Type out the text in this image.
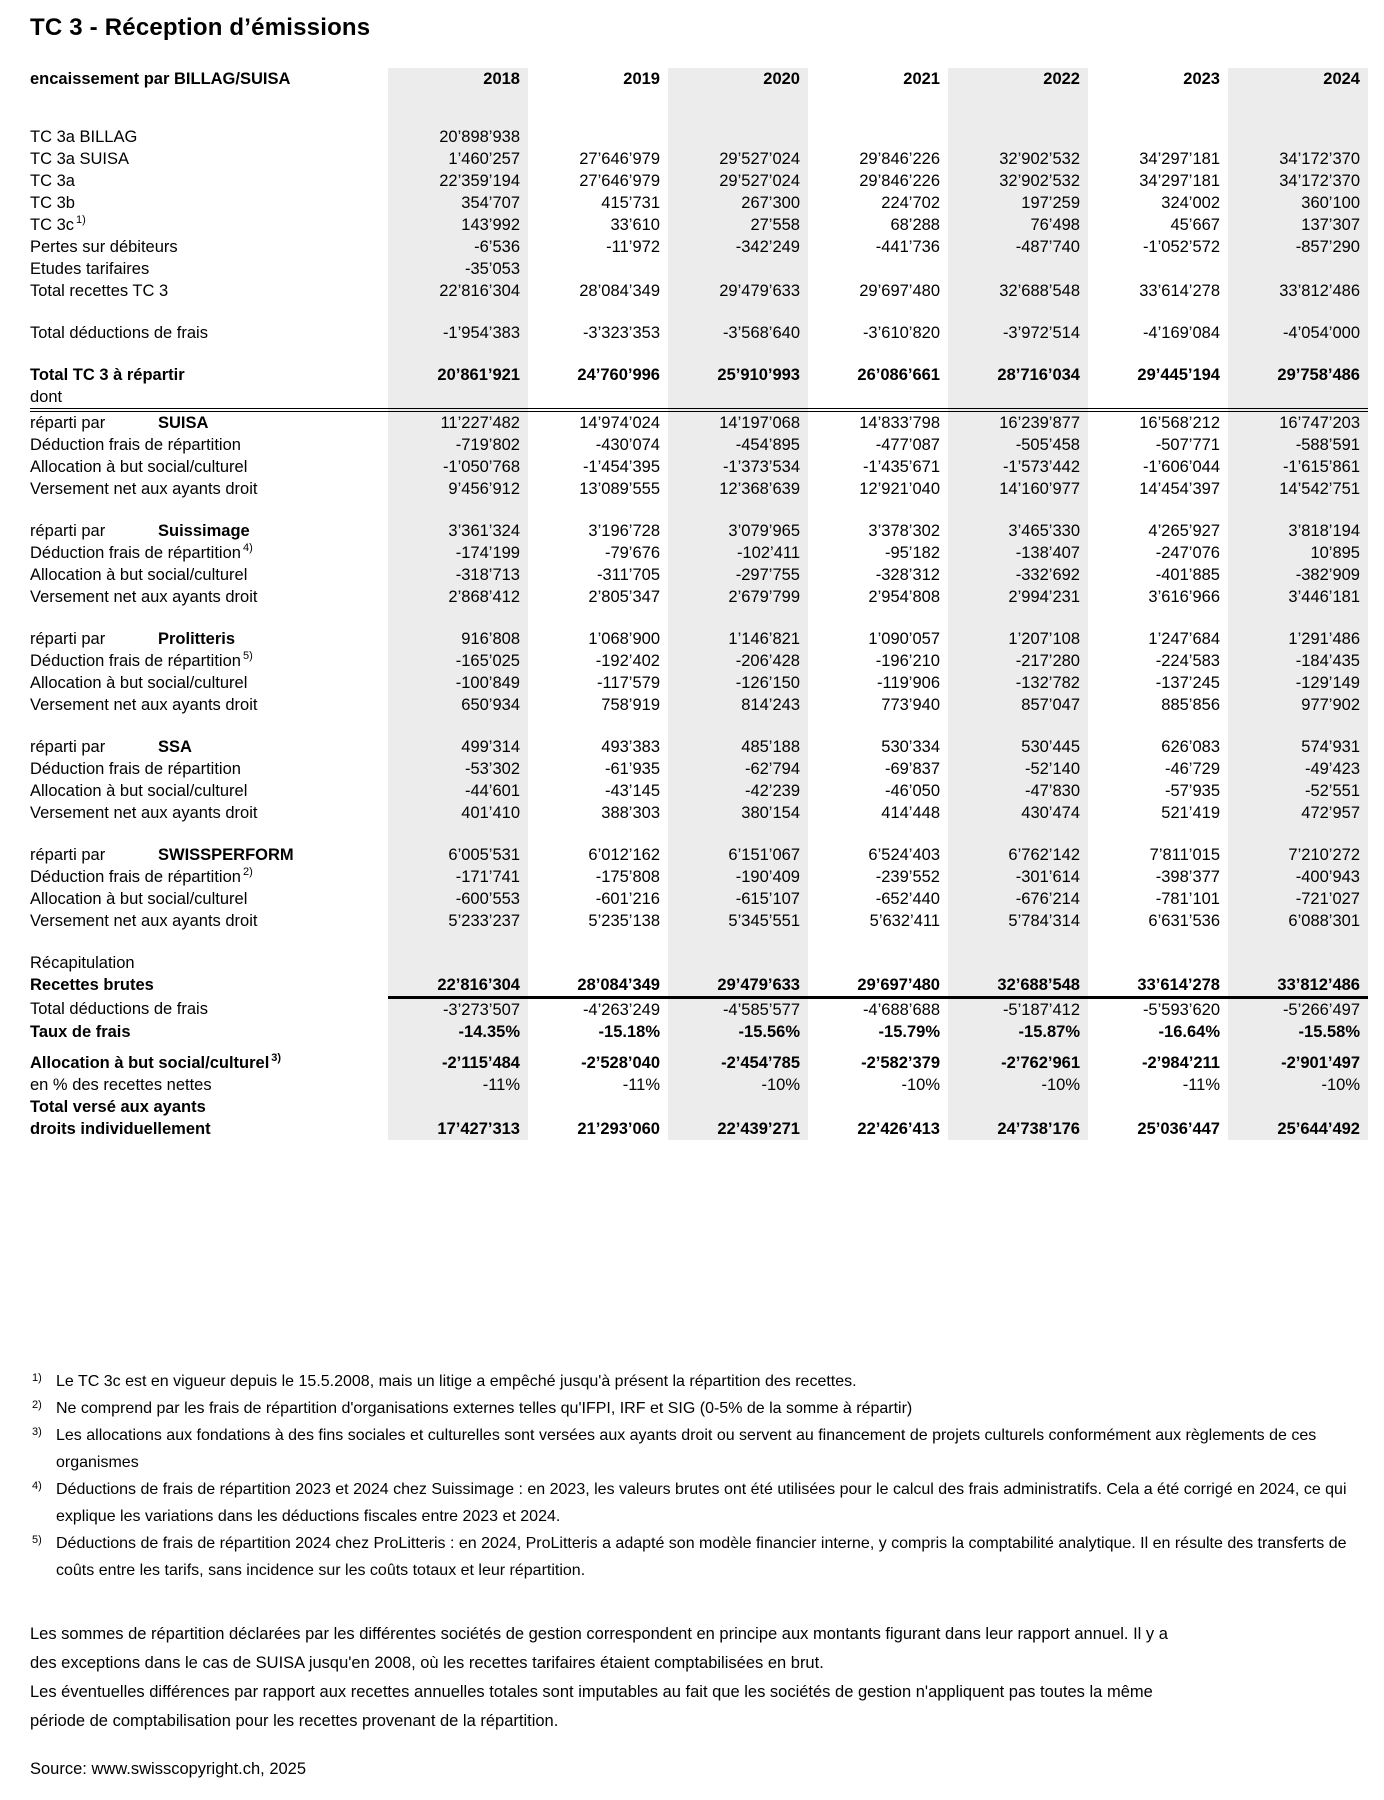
TC 3 - Réception d’émissions
encaissement par BILLAG/SUISA	2018	2019	2020	2021	2022	2023	2024

TC 3a BILLAG	20’898’938						
TC 3a SUISA	1’460’257	27’646’979	29’527’024	29’846’226	32’902’532	34’297’181	34’172’370
TC 3a	22’359’194	27’646’979	29’527’024	29’846’226	32’902’532	34’297’181	34’172’370
TC 3b	354’707	415’731	267’300	224’702	197’259	324’002	360’100
TC 3c $^{1)}$	143’992	33’610	27’558	68’288	76’498	45’667	137’307
Pertes sur débiteurs	-6’536	-11’972	-342’249	-441’736	-487’740	-1’052’572	-857’290
Etudes tarifaires	-35’053						
Total recettes TC 3	22’816’304	28’084’349	29’479’633	29’697’480	32’688’548	33’614’278	33’812’486

Total déductions de frais	-1’954’383	-3’323’353	-3’568’640	-3’610’820	-3’972’514	-4’169’084	-4’054’000

Total TC 3 à répartir	20’861’921	24’760’996	25’910’993	26’086’661	28’716’034	29’445’194	29’758’486
dont							
réparti par SUISA	11’227’482	14’974’024	14’197’068	14’833’798	16’239’877	16’568’212	16’747’203
Déduction frais de répartition	-719’802	-430’074	-454’895	-477’087	-505’458	-507’771	-588’591
Allocation à but social/culturel	-1’050’768	-1’454’395	-1’373’534	-1’435’671	-1’573’442	-1’606’044	-1’615’861
Versement net aux ayants droit	9’456’912	13’089’555	12’368’639	12’921’040	14’160’977	14’454’397	14’542’751

réparti par Suissimage	3’361’324	3’196’728	3’079’965	3’378’302	3’465’330	4’265’927	3’818’194
Déduction frais de répartition $^{4)}$	-174’199	-79’676	-102’411	-95’182	-138’407	-247’076	10’895
Allocation à but social/culturel	-318’713	-311’705	-297’755	-328’312	-332’692	-401’885	-382’909
Versement net aux ayants droit	2’868’412	2’805’347	2’679’799	2’954’808	2’994’231	3’616’966	3’446’181

réparti par Prolitteris	916’808	1’068’900	1’146’821	1’090’057	1’207’108	1’247’684	1’291’486
Déduction frais de répartition $^{5)}$	-165’025	-192’402	-206’428	-196’210	-217’280	-224’583	-184’435
Allocation à but social/culturel	-100’849	-117’579	-126’150	-119’906	-132’782	-137’245	-129’149
Versement net aux ayants droit	650’934	758’919	814’243	773’940	857’047	885’856	977’902

réparti par SSA	499’314	493’383	485’188	530’334	530’445	626’083	574’931
Déduction frais de répartition	-53’302	-61’935	-62’794	-69’837	-52’140	-46’729	-49’423
Allocation à but social/culturel	-44’601	-43’145	-42’239	-46’050	-47’830	-57’935	-52’551
Versement net aux ayants droit	401’410	388’303	380’154	414’448	430’474	521’419	472’957

réparti par SWISSPERFORM	6’005’531	6’012’162	6’151’067	6’524’403	6’762’142	7’811’015	7’210’272
Déduction frais de répartition $^{2)}$	-171’741	-175’808	-190’409	-239’552	-301’614	-398’377	-400’943
Allocation à but social/culturel	-600’553	-601’216	-615’107	-652’440	-676’214	-781’101	-721’027
Versement net aux ayants droit	5’233’237	5’235’138	5’345’551	5’632’411	5’784’314	6’631’536	6’088’301

Récapitulation							
Recettes brutes	22’816’304	28’084’349	29’479’633	29’697’480	32’688’548	33’614’278	33’812’486
Total déductions de frais	-3’273’507	-4’263’249	-4’585’577	-4’688’688	-5’187’412	-5’593’620	-5’266’497
Taux de frais	-14.35%	-15.18%	-15.56%	-15.79%	-15.87%	-16.64%	-15.58%
Allocation à but social/culturel $^{3)}$	-2’115’484	-2’528’040	-2’454’785	-2’582’379	-2’762’961	-2’984’211	-2’901’497
en % des recettes nettes	-11%	-11%	-10%	-10%	-10%	-11%	-10%
Total versé aux ayants							
droits individuellement	17’427’313	21’293’060	22’439’271	22’426’413	24’738’176	25’036’447	25’644’492
1) Le TC 3c est en vigueur depuis le 15.5.2008, mais un litige a empêché jusqu'à présent la répartition des recettes.
2) Ne comprend par les frais de répartition d'organisations externes telles qu'IFPI, IRF et SIG (0-5% de la somme à répartir)
3) Les allocations aux fondations à des fins sociales et culturelles sont versées aux ayants droit ou servent au financement de projets culturels conformément aux règlements de ces organismes
4) Déductions de frais de répartition 2023 et 2024 chez Suissimage : en 2023, les valeurs brutes ont été utilisées pour le calcul des frais administratifs. Cela a été corrigé en 2024, ce qui explique les variations dans les déductions fiscales entre 2023 et 2024.
5) Déductions de frais de répartition 2024 chez ProLitteris : en 2024, ProLitteris a adapté son modèle financier interne, y compris la comptabilité analytique. Il en résulte des transferts de coûts entre les tarifs, sans incidence sur les coûts totaux et leur répartition.

Les sommes de répartition déclarées par les différentes sociétés de gestion correspondent en principe aux montants figurant dans leur rapport annuel. Il y a des exceptions dans le cas de SUISA jusqu'en 2008, où les recettes tarifaires étaient comptabilisées en brut.

Les éventuelles différences par rapport aux recettes annuelles totales sont imputables au fait que les sociétés de gestion n'appliquent pas toutes la même période de comptabilisation pour les recettes provenant de la répartition.

Source: www.swisscopyright.ch, 2025
